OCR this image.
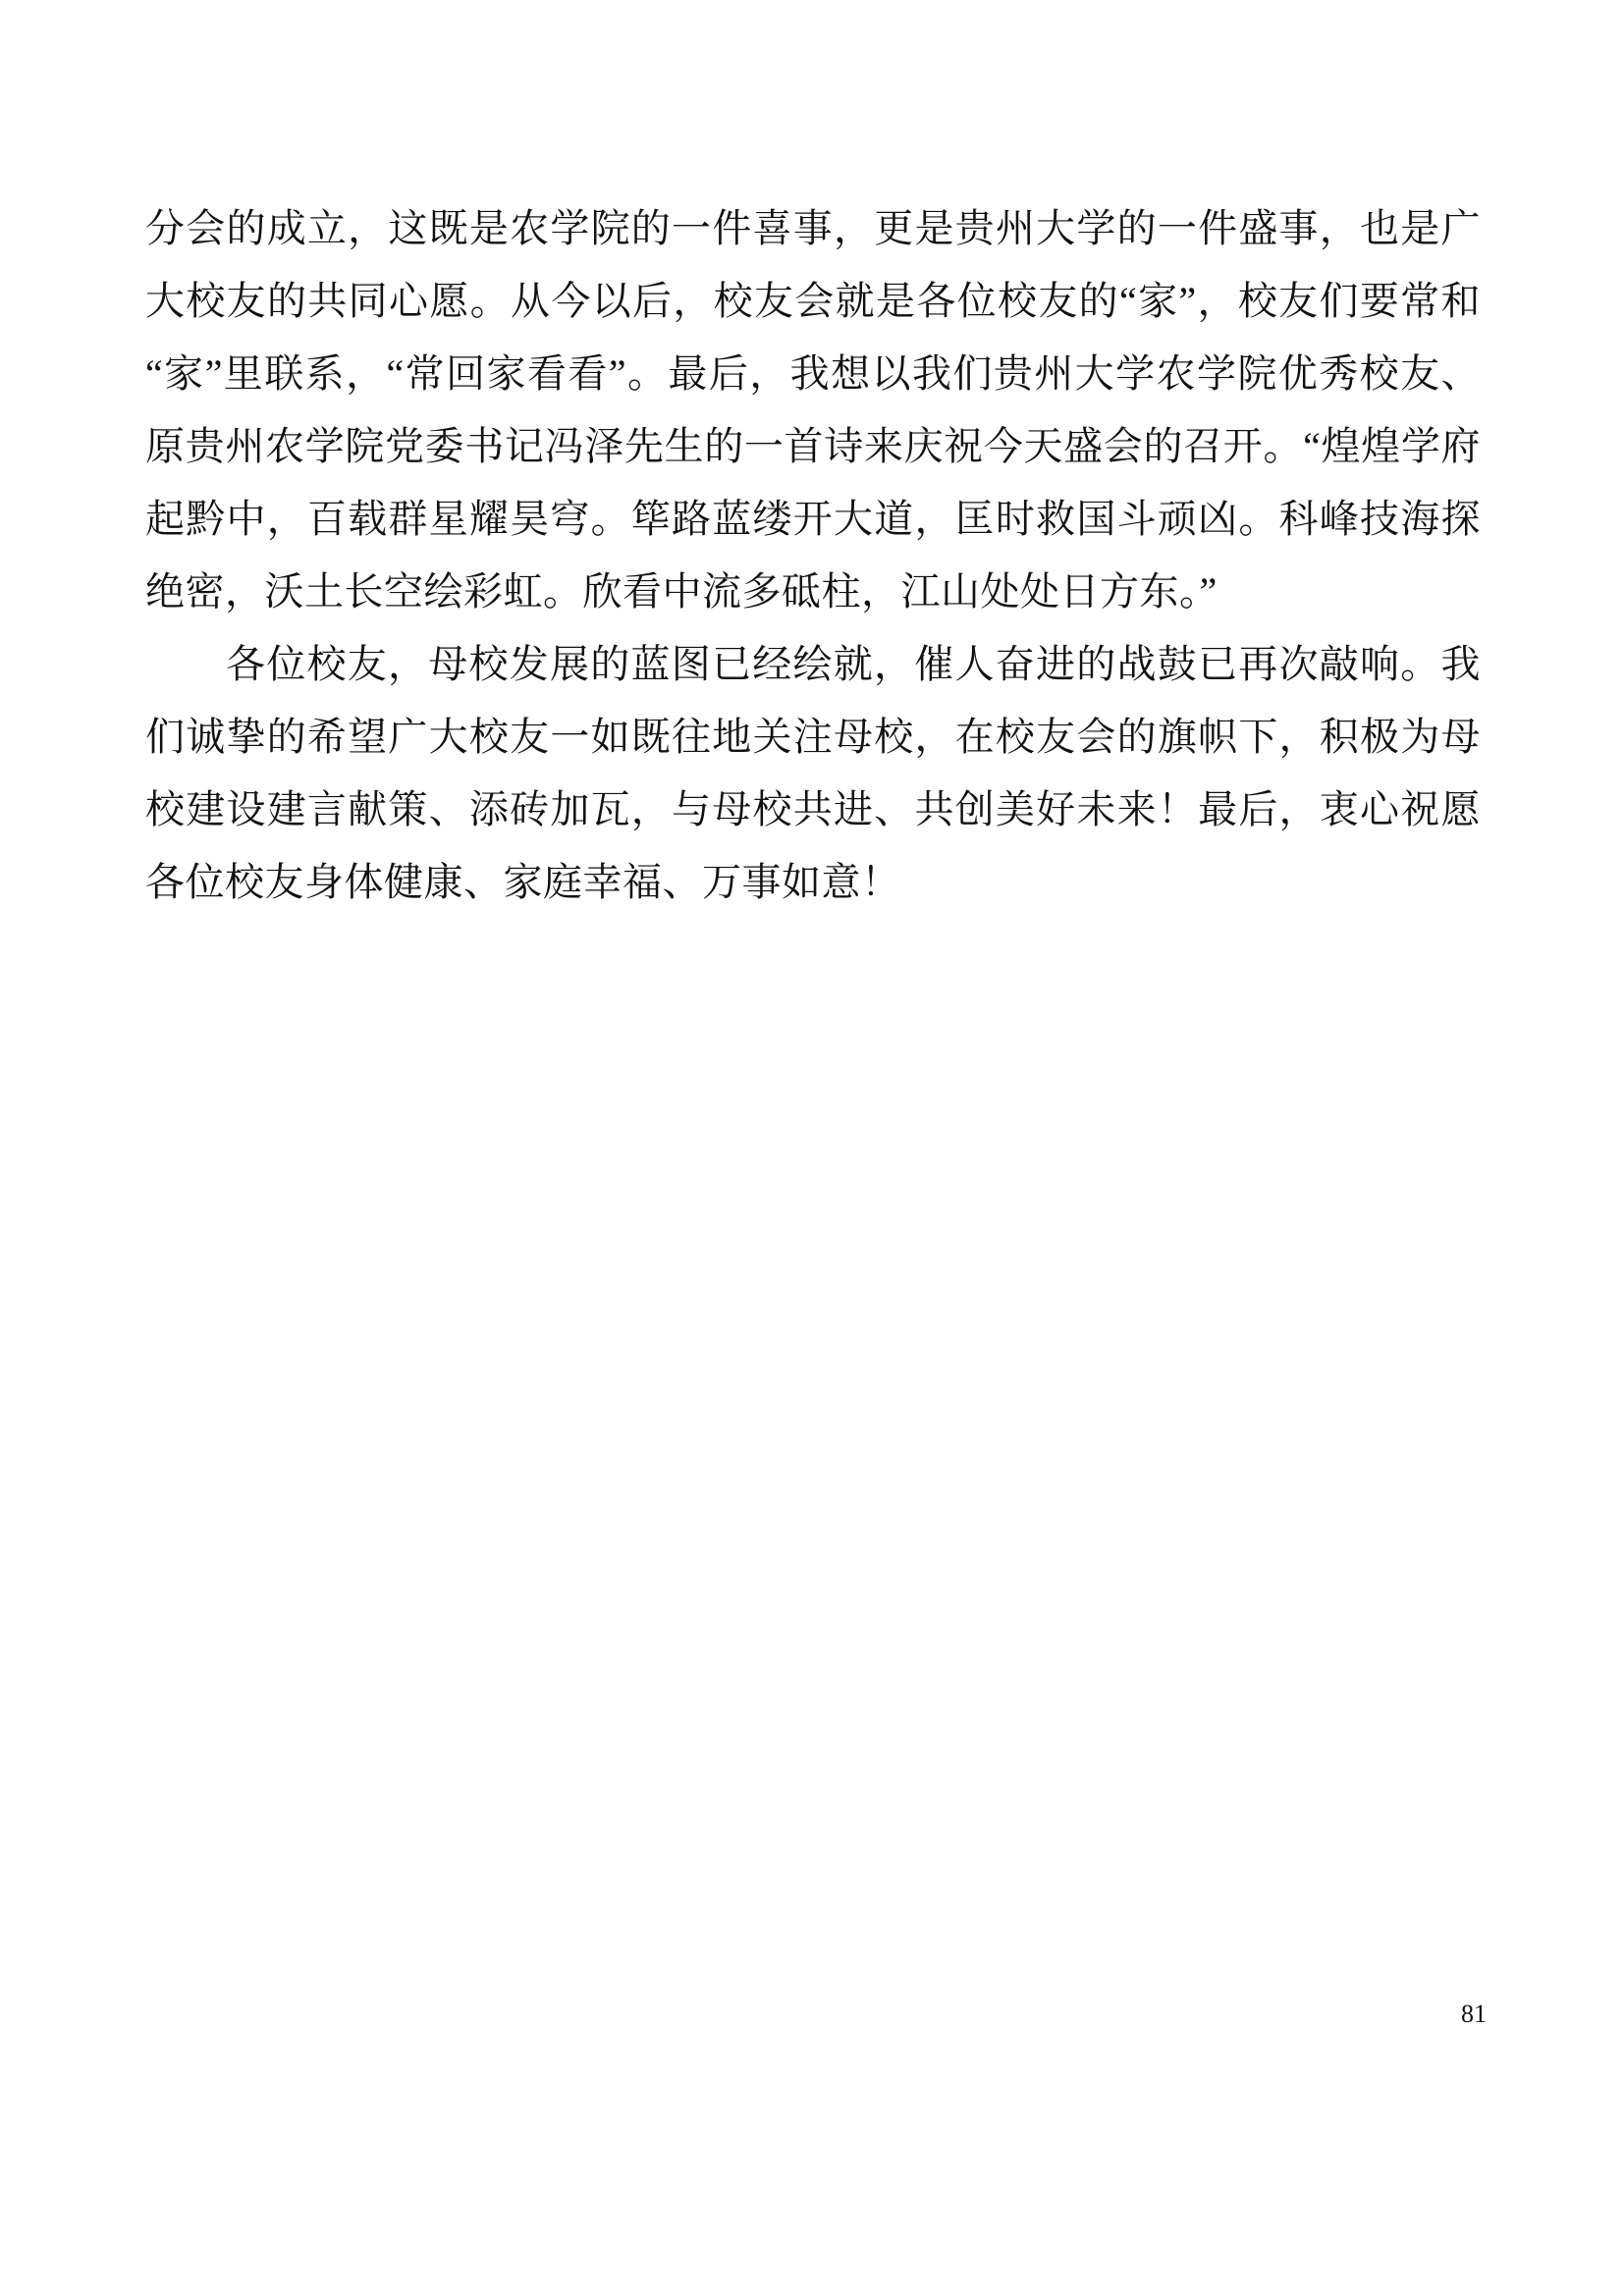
分会的成立，这既是农学院的一件喜事，更是贵州大学的一件盛事，也是广大校友的共同心愿。从今以后，校友会就是各位校友的“家”，校友们要常和“家”里联系，“常回家看看”。最后，我想以我们贵州大学农学院优秀校友、原贵州农学院党委书记冯泽先生的一首诗来庆祝今天盛会的召开。“煌煌学府起黔中，百载群星耀昊穹。筚路蓝缕开大道，匡时救国斗顽凶。科峰技海探绝密，沃土长空绘彩虹。欣看中流多砥柱，江山处处日方东。”

各位校友，母校发展的蓝图已经绘就，催人奋进的战鼓已再次敲响。我们诚挚的希望广大校友一如既往地关注母校，在校友会的旗帜下，积极为母校建设建言献策、添砖加瓦，与母校共进、共创美好未来！最后，衷心祝愿各位校友身体健康、家庭幸福、万事如意！

81
